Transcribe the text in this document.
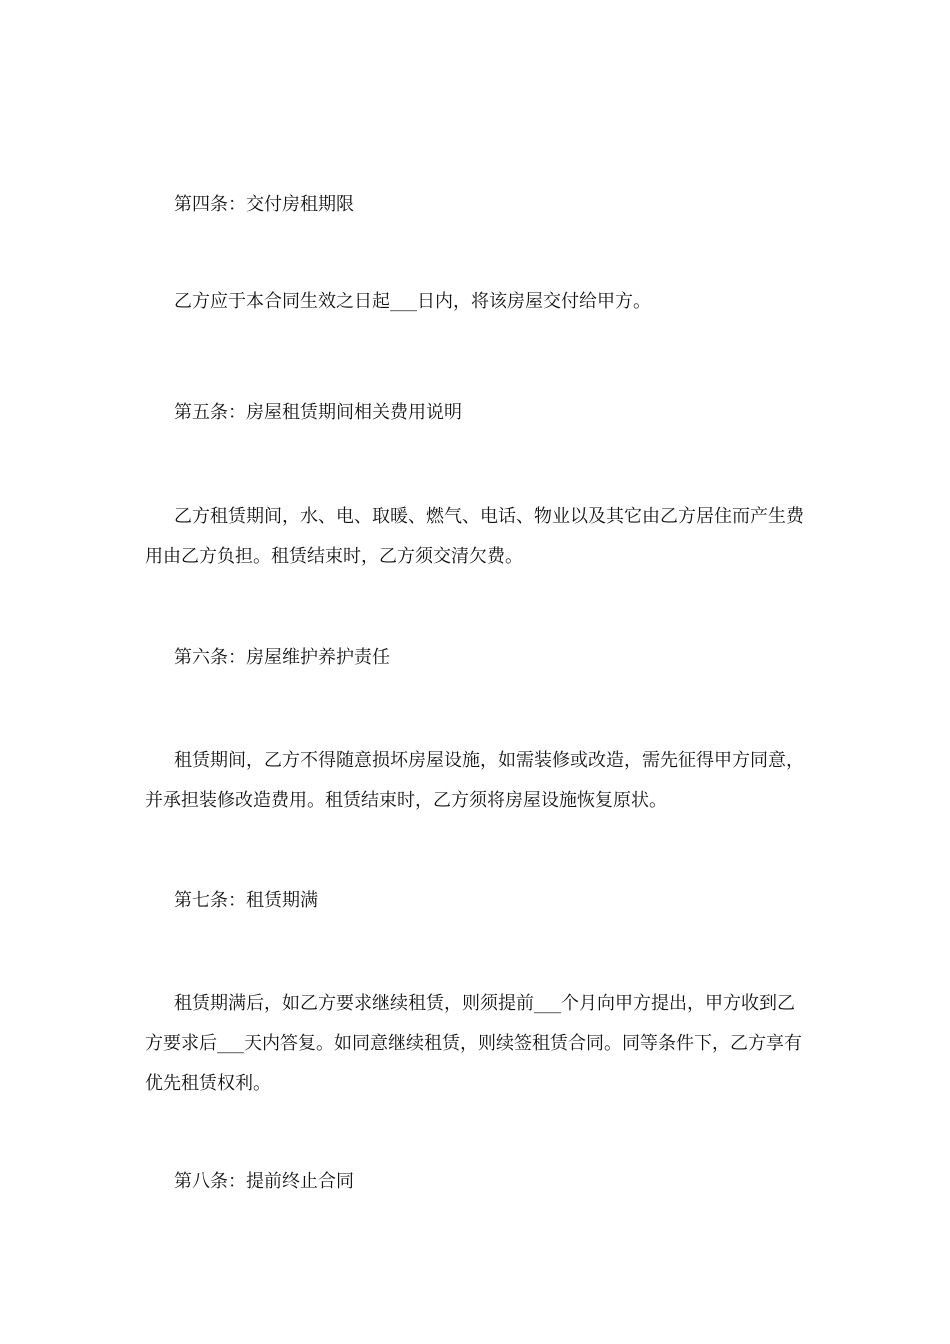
第四条：交付房租期限

乙方应于本合同生效之日起___日内，将该房屋交付给甲方。

第五条：房屋租赁期间相关费用说明

乙方租赁期间，水、电、取暖、燃气、电话、物业以及其它由乙方居住而产生费用由乙方负担。租赁结束时，乙方须交清欠费。

第六条：房屋维护养护责任

租赁期间，乙方不得随意损坏房屋设施，如需装修或改造，需先征得甲方同意，并承担装修改造费用。租赁结束时，乙方须将房屋设施恢复原状。

第七条：租赁期满

租赁期满后，如乙方要求继续租赁，则须提前___个月向甲方提出，甲方收到乙方要求后___天内答复。如同意继续租赁，则续签租赁合同。同等条件下，乙方享有优先租赁权利。

第八条：提前终止合同
